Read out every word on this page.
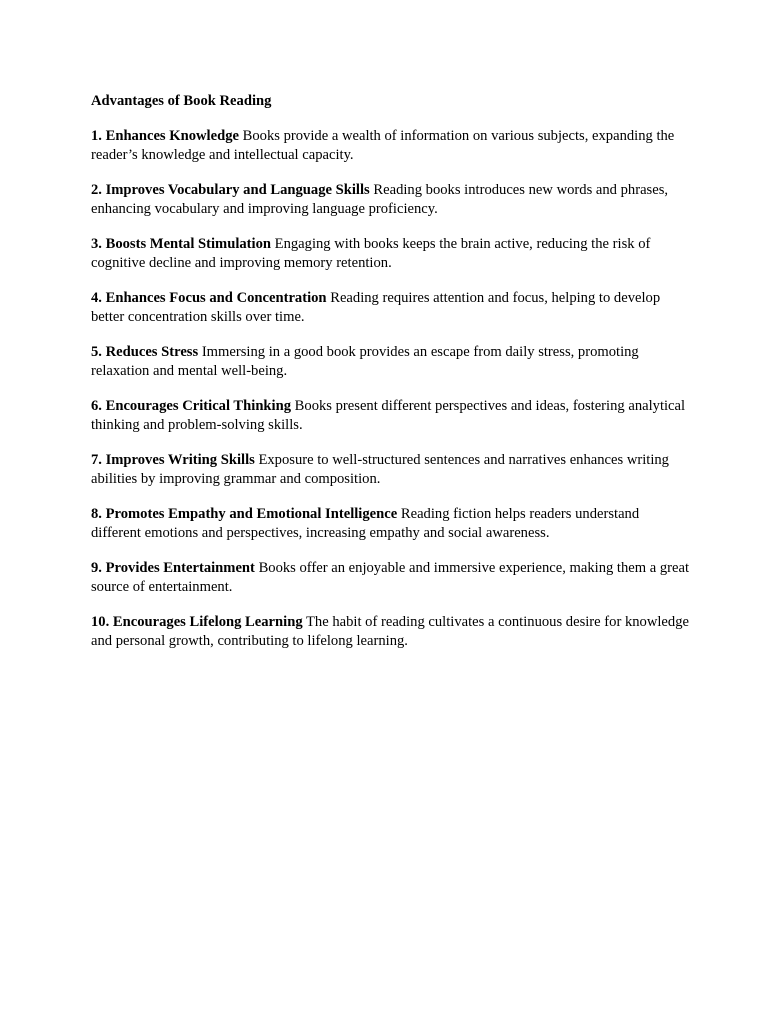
Advantages of Book Reading

1. Enhances Knowledge Books provide a wealth of information on various subjects, expanding the reader’s knowledge and intellectual capacity.

2. Improves Vocabulary and Language Skills Reading books introduces new words and phrases, enhancing vocabulary and improving language proficiency.

3. Boosts Mental Stimulation Engaging with books keeps the brain active, reducing the risk of cognitive decline and improving memory retention.

4. Enhances Focus and Concentration Reading requires attention and focus, helping to develop better concentration skills over time.

5. Reduces Stress Immersing in a good book provides an escape from daily stress, promoting relaxation and mental well-being.

6. Encourages Critical Thinking Books present different perspectives and ideas, fostering analytical thinking and problem-solving skills.

7. Improves Writing Skills Exposure to well-structured sentences and narratives enhances writing abilities by improving grammar and composition.

8. Promotes Empathy and Emotional Intelligence Reading fiction helps readers understand different emotions and perspectives, increasing empathy and social awareness.

9. Provides Entertainment Books offer an enjoyable and immersive experience, making them a great source of entertainment.

10. Encourages Lifelong Learning The habit of reading cultivates a continuous desire for knowledge and personal growth, contributing to lifelong learning.
